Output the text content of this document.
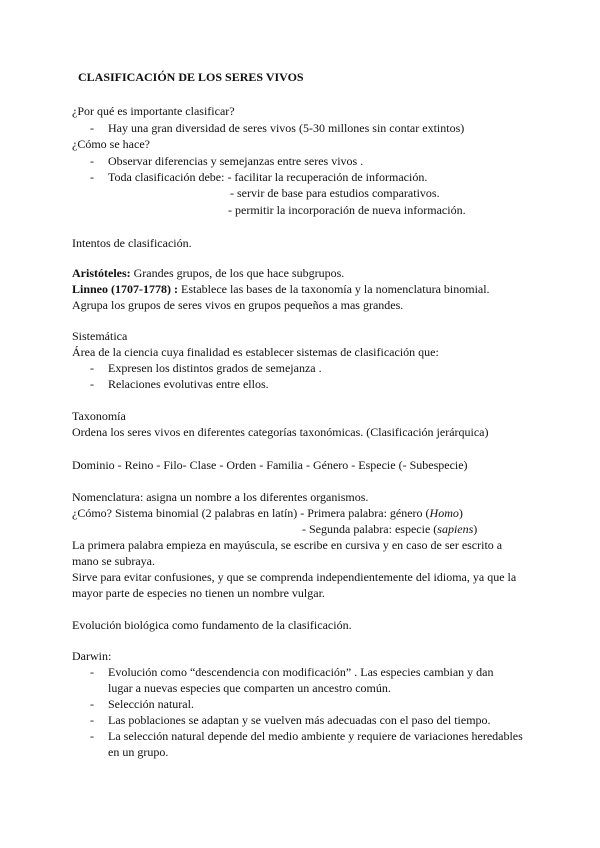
CLASIFICACIÓN DE LOS SERES VIVOS
¿Por qué es importante clasificar?
- Hay una gran diversidad de seres vivos (5-30 millones sin contar extintos)
¿Cómo se hace?
- Observar diferencias y semejanzas entre seres vivos .
- Toda clasificación debe: - facilitar la recuperación de información.
- servir de base para estudios comparativos.
- permitir la incorporación de nueva información.
Intentos de clasificación.
Aristóteles: Grandes grupos, de los que hace subgrupos.
Linneo (1707-1778) : Establece las bases de la taxonomía y la nomenclatura binomial.
Agrupa los grupos de seres vivos en grupos pequeños a mas grandes.
Sistemática
Área de la ciencia cuya finalidad es establecer sistemas de clasificación que:
- Expresen los distintos grados de semejanza .
- Relaciones evolutivas entre ellos.
Taxonomía
Ordena los seres vivos en diferentes categorías taxonómicas. (Clasificación jerárquica)
Dominio - Reino - Filo- Clase - Orden - Familia - Género - Especie (- Subespecie)
Nomenclatura: asigna un nombre a los diferentes organismos.
¿Cómo? Sistema binomial (2 palabras en latín) - Primera palabra: género (Homo)
- Segunda palabra: especie (sapiens)
La primera palabra empieza en mayúscula, se escribe en cursiva y en caso de ser escrito a
mano se subraya.
Sirve para evitar confusiones, y que se comprenda independientemente del idioma, ya que la
mayor parte de especies no tienen un nombre vulgar.
Evolución biológica como fundamento de la clasificación.
Darwin:
- Evolución como “descendencia con modificación” . Las especies cambian y dan
lugar a nuevas especies que comparten un ancestro común.
- Selección natural.
- Las poblaciones se adaptan y se vuelven más adecuadas con el paso del tiempo.
- La selección natural depende del medio ambiente y requiere de variaciones heredables
en un grupo.
